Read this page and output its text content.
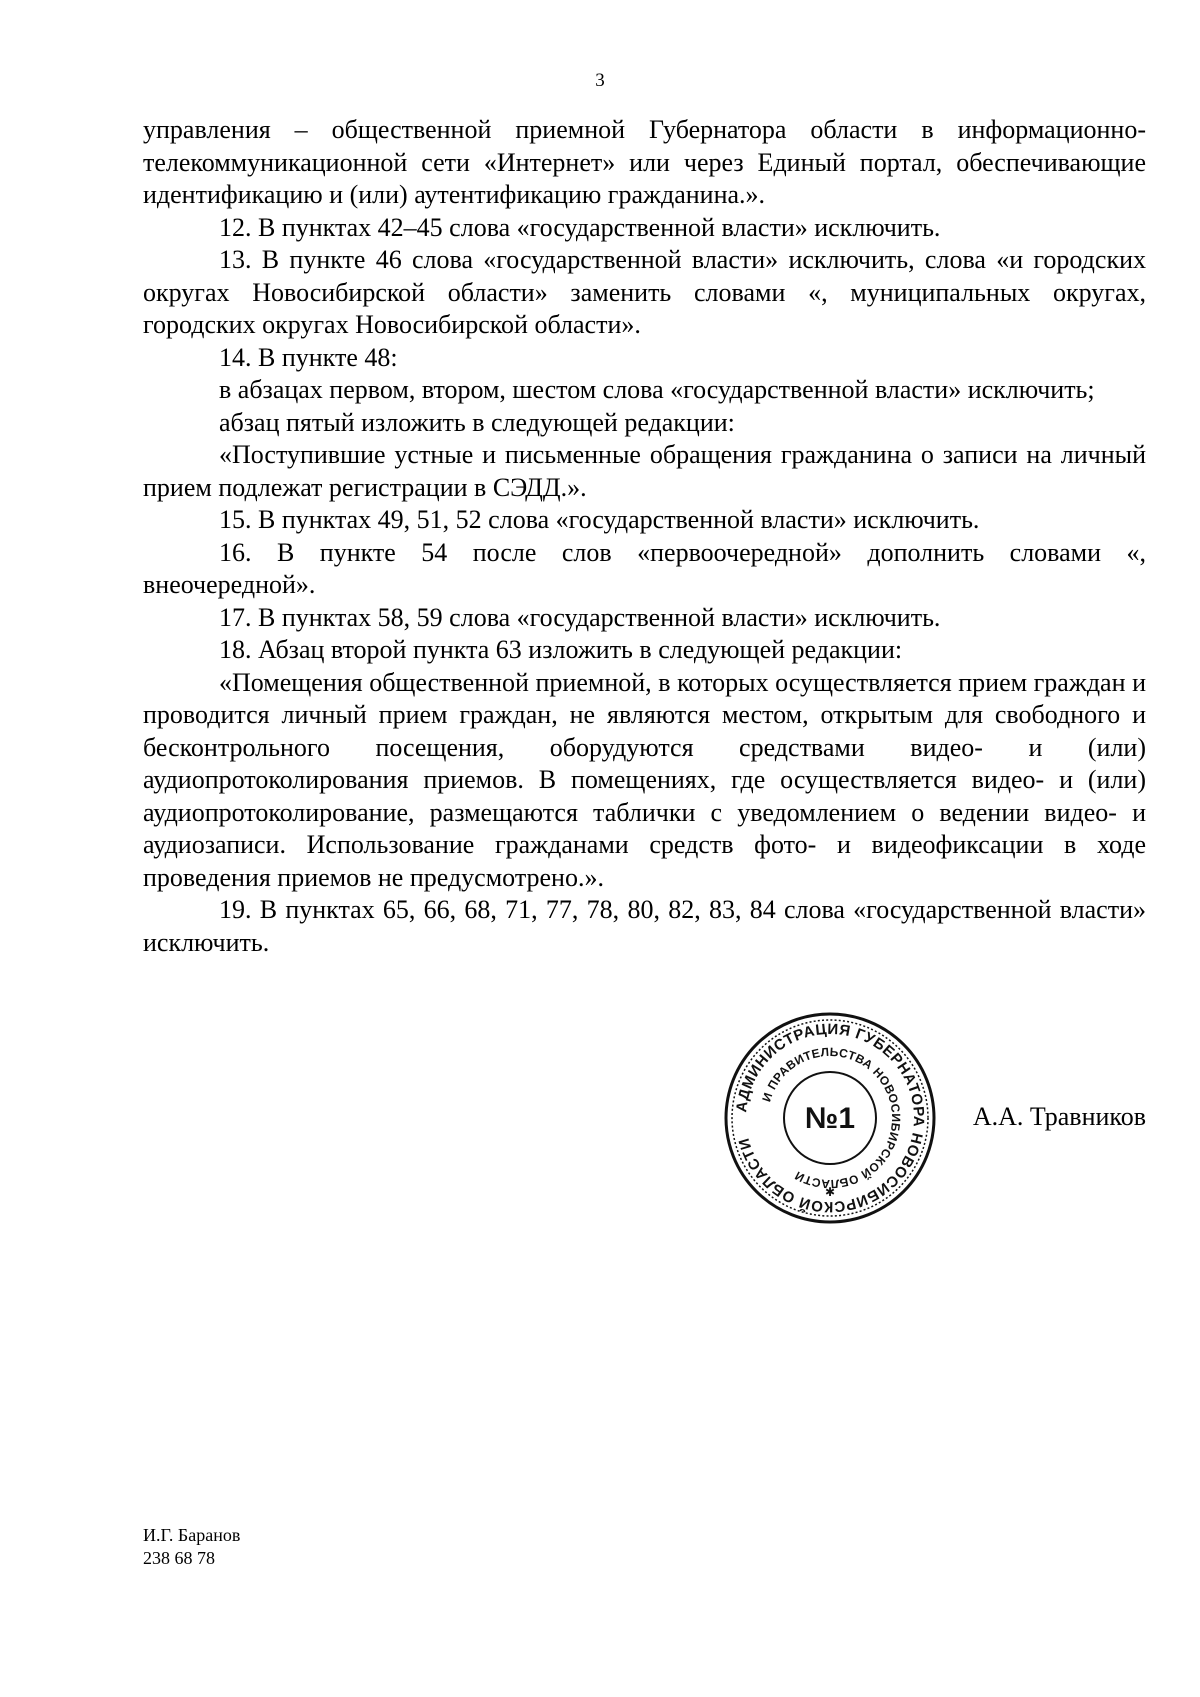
3

управления – общественной приемной Губернатора области в информационно-телекоммуникационной сети «Интернет» или через Единый портал, обеспечивающие идентификацию и (или) аутентификацию гражданина.».

12. В пунктах 42–45 слова «государственной власти» исключить.

13. В пункте 46 слова «государственной власти» исключить, слова «и городских округах Новосибирской области» заменить словами «, муниципальных округах, городских округах Новосибирской области».

14. В пункте 48:

в абзацах первом, втором, шестом слова «государственной власти» исключить;

абзац пятый изложить в следующей редакции:

«Поступившие устные и письменные обращения гражданина о записи на личный прием подлежат регистрации в СЭДД.».

15. В пунктах 49, 51, 52 слова «государственной власти» исключить.

16. В пункте 54 после слов «первоочередной» дополнить словами «, внеочередной».

17. В пунктах 58, 59 слова «государственной власти» исключить.

18. Абзац второй пункта 63 изложить в следующей редакции:

«Помещения общественной приемной, в которых осуществляется прием граждан и проводится личный прием граждан, не являются местом, открытым для свободного и бесконтрольного посещения, оборудуются средствами видео- и (или) аудиопротоколирования приемов. В помещениях, где осуществляется видео- и (или) аудиопротоколирование, размещаются таблички с уведомлением о ведении видео- и аудиозаписи. Использование гражданами средств фото- и видеофиксации в ходе проведения приемов не предусмотрено.».

19. В пунктах 65, 66, 68, 71, 77, 78, 80, 82, 83, 84 слова «государственной власти» исключить.

АДМИНИСТРАЦИЯ ГУБЕРНАТОРА НОВОСИБИРСКОЙ ОБЛАСТИ
И ПРАВИТЕЛЬСТВА НОВОСИБИРСКОЙ ОБЛАСТИ
№1
✱
А.А. Травников
И.Г. Баранов
238 68 78
